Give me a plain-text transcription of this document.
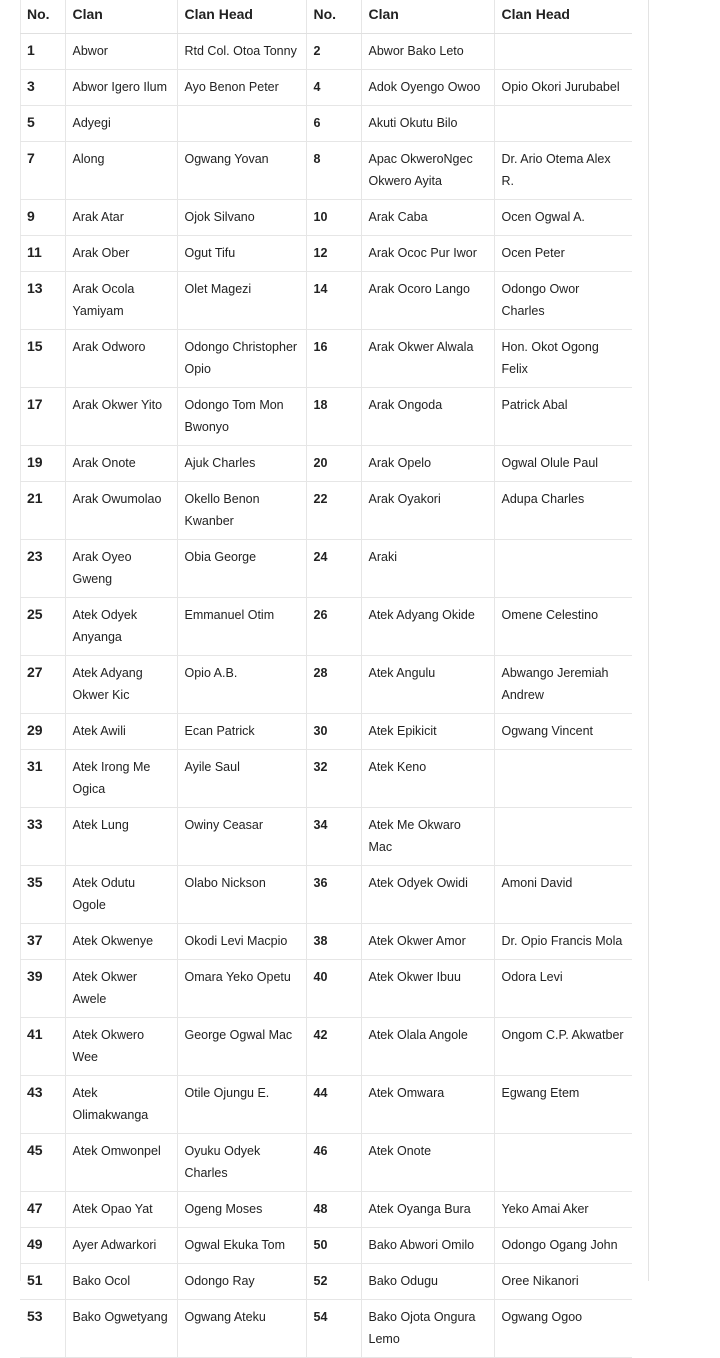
No.	Clan	Clan Head	No.	Clan	Clan Head
1	Abwor	Rtd Col. Otoa Tonny	2	Abwor Bako Leto	
3	Abwor Igero Ilum	Ayo Benon Peter	4	Adok Oyengo Owoo	Opio Okori Jurubabel
5	Adyegi		6	Akuti Okutu Bilo	
7	Along	Ogwang Yovan	8	Apac OkweroNgec Okwero Ayita	Dr. Ario Otema Alex R.
9	Arak Atar	Ojok Silvano	10	Arak Caba	Ocen Ogwal A.
11	Arak Ober	Ogut Tifu	12	Arak Ococ Pur Iwor	Ocen Peter
13	Arak Ocola Yamiyam	Olet Magezi	14	Arak Ocoro Lango	Odongo Owor Charles
15	Arak Odworo	Odongo Christopher Opio	16	Arak Okwer Alwala	Hon. Okot Ogong Felix
17	Arak Okwer Yito	Odongo Tom Mon Bwonyo	18	Arak Ongoda	Patrick Abal
19	Arak Onote	Ajuk Charles	20	Arak Opelo	Ogwal Olule Paul
21	Arak Owumolao	Okello Benon Kwanber	22	Arak Oyakori	Adupa Charles
23	Arak Oyeo Gweng	Obia George	24	Araki	
25	Atek Odyek Anyanga	Emmanuel Otim	26	Atek Adyang Okide	Omene Celestino
27	Atek Adyang Okwer Kic	Opio A.B.	28	Atek Angulu	Abwango Jeremiah Andrew
29	Atek Awili	Ecan Patrick	30	Atek Epikicit	Ogwang Vincent
31	Atek Irong Me Ogica	Ayile Saul	32	Atek Keno	
33	Atek Lung	Owiny Ceasar	34	Atek Me Okwaro Mac	
35	Atek Odutu Ogole	Olabo Nickson	36	Atek Odyek Owidi	Amoni David
37	Atek Okwenye	Okodi Levi Macpio	38	Atek Okwer Amor	Dr. Opio Francis Mola
39	Atek Okwer Awele	Omara Yeko Opetu	40	Atek Okwer Ibuu	Odora Levi
41	Atek Okwero Wee	George Ogwal Mac	42	Atek Olala Angole	Ongom C.P. Akwatber
43	Atek Olimakwanga	Otile Ojungu E.	44	Atek Omwara	Egwang Etem
45	Atek Omwonpel	Oyuku Odyek Charles	46	Atek Onote	
47	Atek Opao Yat	Ogeng Moses	48	Atek Oyanga Bura	Yeko Amai Aker
49	Ayer Adwarkori	Ogwal Ekuka Tom	50	Bako Abwori Omilo	Odongo Ogang John
51	Bako Ocol	Odongo Ray	52	Bako Odugu	Oree Nikanori
53	Bako Ogwetyang	Ogwang Ateku	54	Bako Ojota Ongura Lemo	Ogwang Ogoo
